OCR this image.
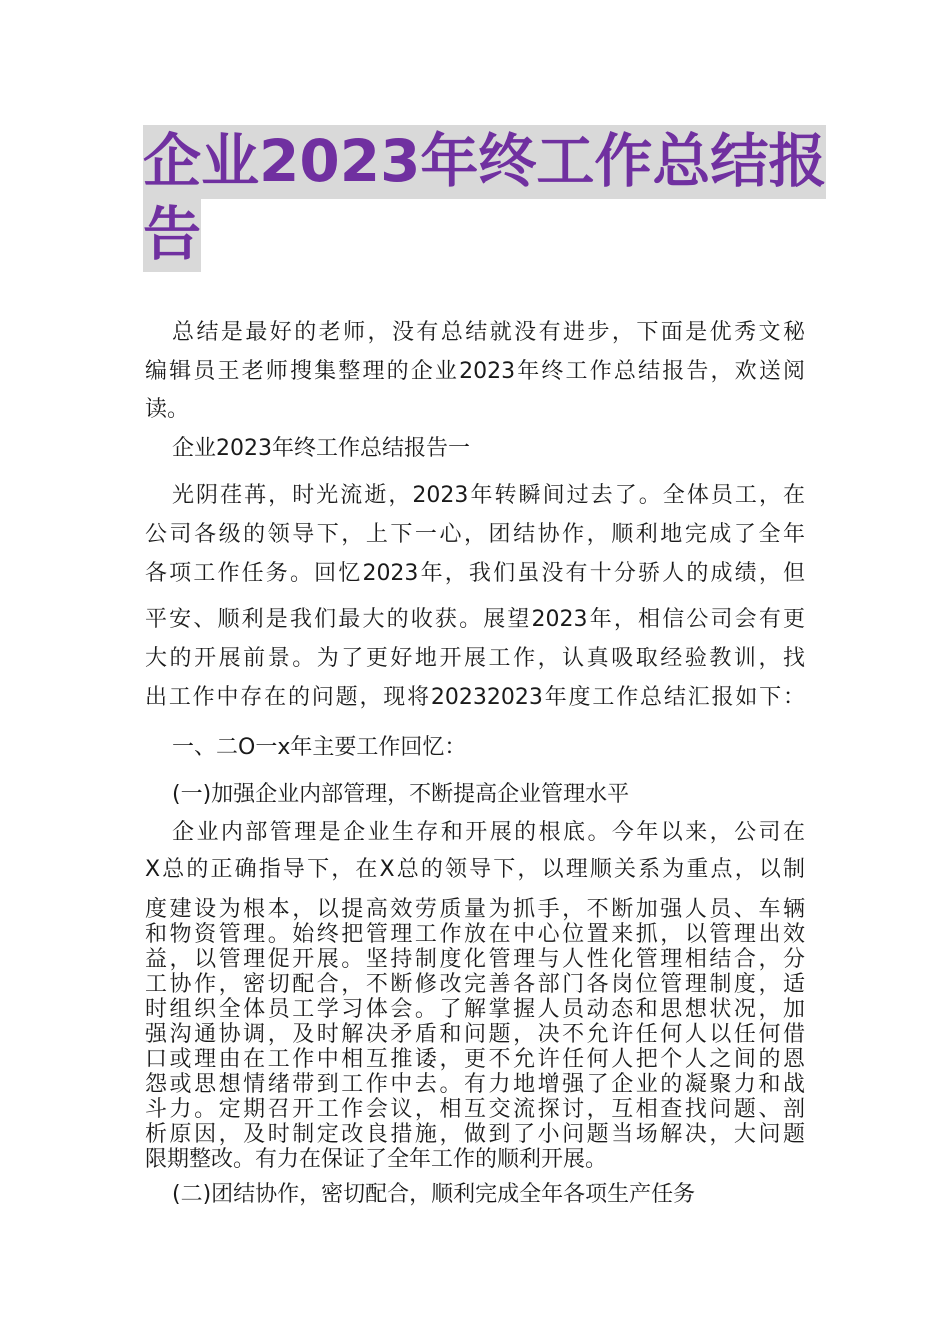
企业2023年终工作总结报
告
总结是最好的老师，没有总结就没有进步，下面是优秀文秘
编辑员王老师搜集整理的企业2023年终工作总结报告，欢送阅
读。
企业2023年终工作总结报告一
光阴荏苒，时光流逝，2023年转瞬间过去了。全体员工，在
公司各级的领导下，上下一心，团结协作，顺利地完成了全年
各项工作任务。回忆2023年，我们虽没有十分骄人的成绩，但
平安、顺利是我们最大的收获。展望2023年，相信公司会有更
大的开展前景。为了更好地开展工作，认真吸取经验教训，找
出工作中存在的问题，现将20232023年度工作总结汇报如下：
一、二O一x年主要工作回忆：
(一)加强企业内部管理，不断提高企业管理水平
企业内部管理是企业生存和开展的根底。今年以来，公司在
X总的正确指导下，在X总的领导下，以理顺关系为重点，以制
度建设为根本，以提高效劳质量为抓手，不断加强人员、车辆
和物资管理。始终把管理工作放在中心位置来抓，以管理出效
益，以管理促开展。坚持制度化管理与人性化管理相结合，分
工协作，密切配合，不断修改完善各部门各岗位管理制度，适
时组织全体员工学习体会。了解掌握人员动态和思想状况，加
强沟通协调，及时解决矛盾和问题，决不允许任何人以任何借
口或理由在工作中相互推诿，更不允许任何人把个人之间的恩
怨或思想情绪带到工作中去。有力地增强了企业的凝聚力和战
斗力。定期召开工作会议，相互交流探讨，互相查找问题、剖
析原因，及时制定改良措施，做到了小问题当场解决，大问题
限期整改。有力在保证了全年工作的顺利开展。
(二)团结协作，密切配合，顺利完成全年各项生产任务
